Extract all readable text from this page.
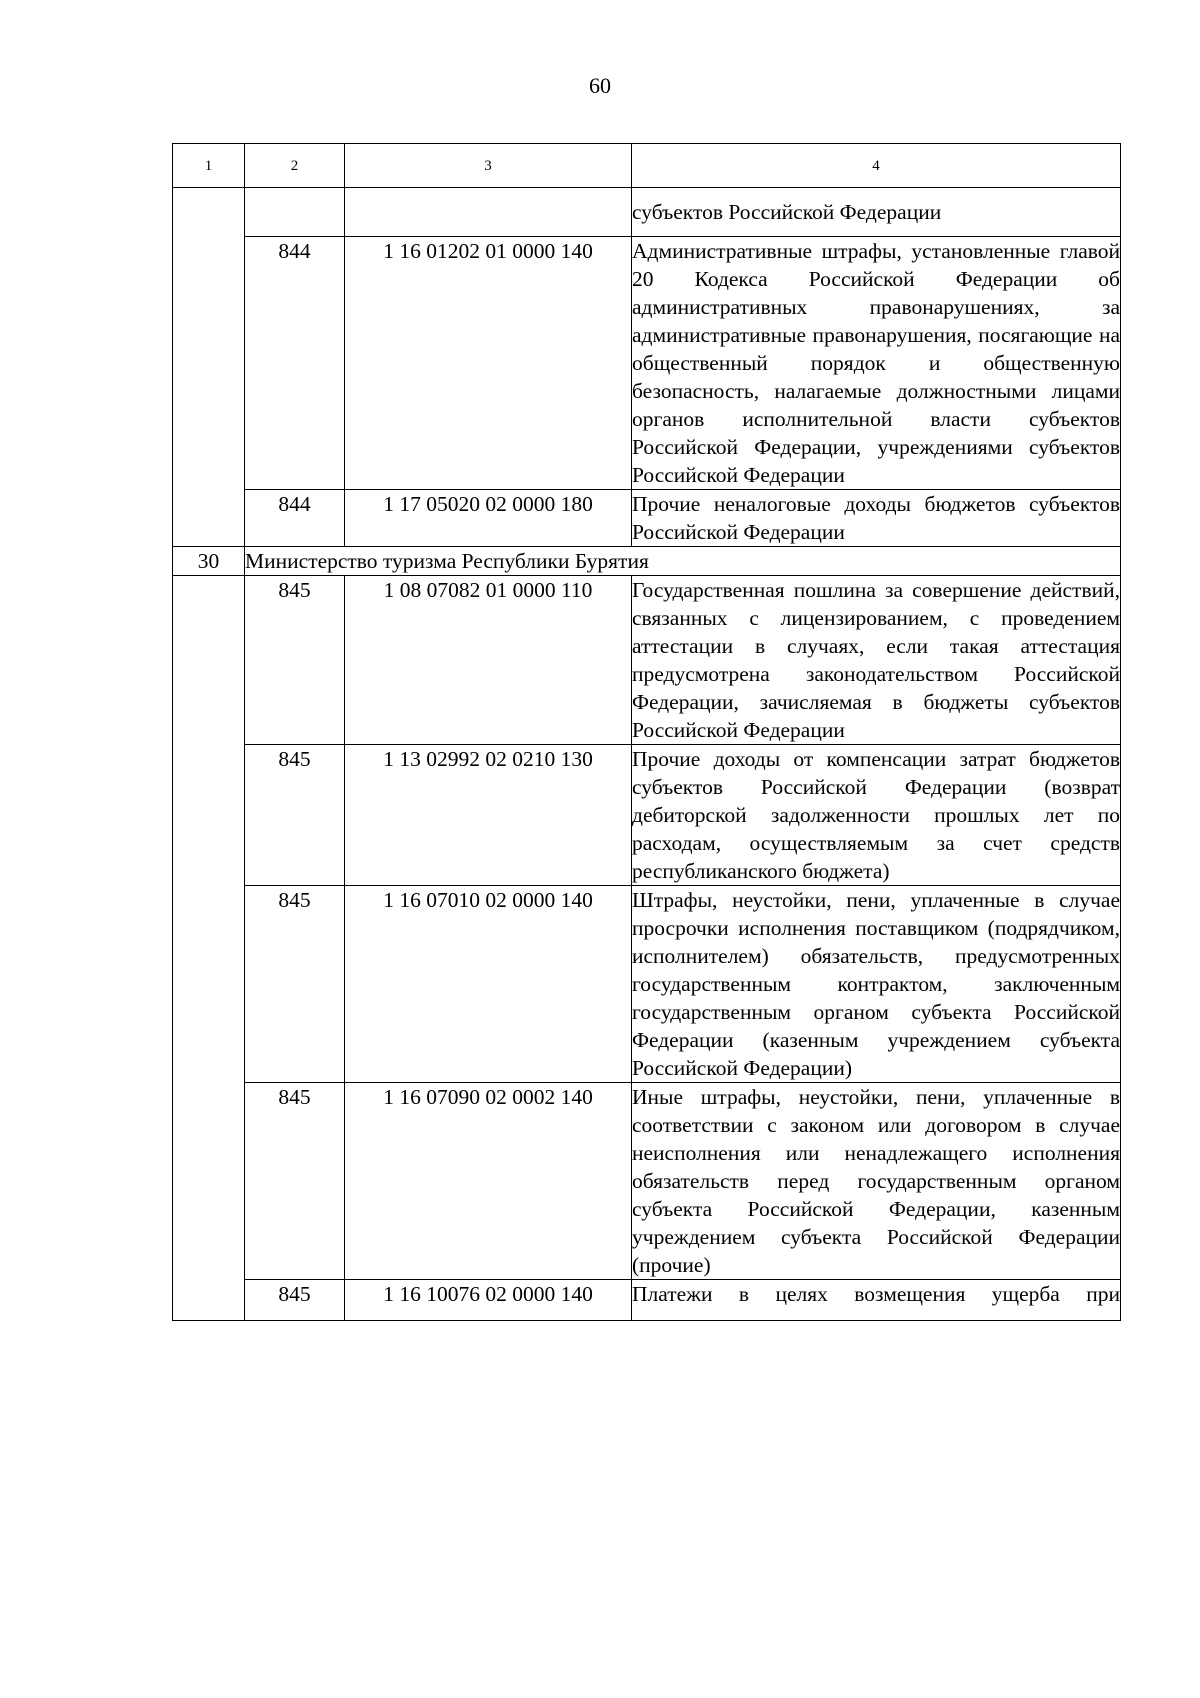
60
1	2	3	4
			субъектов Российской Федерации
	844	1 16 01202 01 0000 140	Административные штрафы, установленные главой 20 Кодекса Российской Федерации об административных правонарушениях, за административные правонарушения, посягающие на общественный порядок и общественную безопасность, налагаемые должностными лицами органов исполнительной власти субъектов Российской Федерации, учреждениями субъектов Российской Федерации
	844	1 17 05020 02 0000 180	Прочие неналоговые доходы бюджетов субъектов Российской Федерации
30	Министерство туризма Республики Бурятия		
	845	1 08 07082 01 0000 110	Государственная пошлина за совершение действий, связанных с лицензированием, с проведением аттестации в случаях, если такая аттестация предусмотрена законодательством Российской Федерации, зачисляемая в бюджеты субъектов Российской Федерации
	845	1 13 02992 02 0210 130	Прочие доходы от компенсации затрат бюджетов субъектов Российской Федерации (возврат дебиторской задолженности прошлых лет по расходам, осуществляемым за счет средств республиканского бюджета)
	845	1 16 07010 02 0000 140	Штрафы, неустойки, пени, уплаченные в случае просрочки исполнения поставщиком (подрядчиком, исполнителем) обязательств, предусмотренных государственным контрактом, заключенным государственным органом субъекта Российской Федерации (казенным учреждением субъекта Российской Федерации)
	845	1 16 07090 02 0002 140	Иные штрафы, неустойки, пени, уплаченные в соответствии с законом или договором в случае неисполнения или ненадлежащего исполнения обязательств перед государственным органом субъекта Российской Федерации, казенным учреждением субъекта Российской Федерации (прочие)
	845	1 16 10076 02 0000 140	Платежи в целях возмещения ущерба при
